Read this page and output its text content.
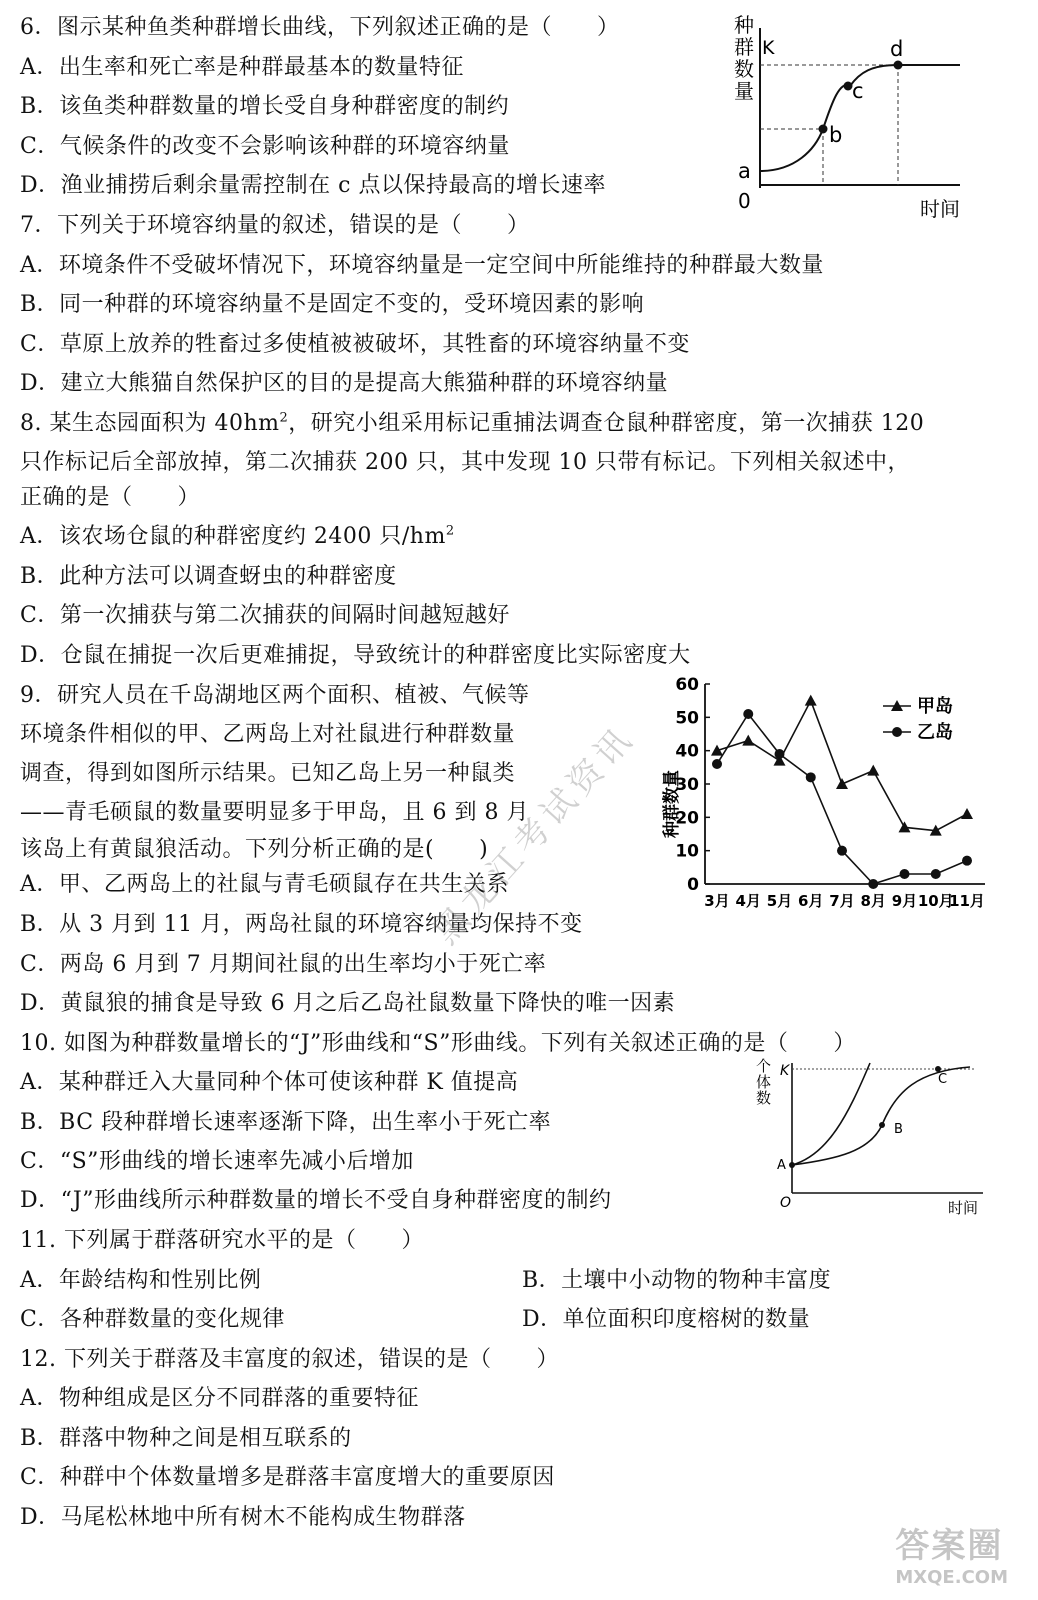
6．图示某种鱼类种群增长曲线，下列叙述正确的是（　　）
A．出生率和死亡率是种群最基本的数量特征
B．该鱼类种群数量的增长受自身种群密度的制约
C．气候条件的改变不会影响该种群的环境容纳量
D．渔业捕捞后剩余量需控制在 c 点以保持最高的增长速率
种
群
数
量
K
a
b
c
d
0	时间
7．下列关于环境容纳量的叙述，错误的是（　　）
A．环境条件不受破坏情况下，环境容纳量是一定空间中所能维持的种群最大数量
B．同一种群的环境容纳量不是固定不变的，受环境因素的影响
C．草原上放养的牲畜过多使植被被破坏，其牲畜的环境容纳量不变
D．建立大熊猫自然保护区的目的是提高大熊猫种群的环境容纳量
8. 某生态园面积为 $40hm^2$，研究小组采用标记重捕法调查仓鼠种群密度，第一次捕获 120
只作标记后全部放掉，第二次捕获 200 只，其中发现 10 只带有标记。下列相关叙述中，
正确的是（　　）
A．该农场仓鼠的种群密度约 2400 只$/hm^2$
B．此种方法可以调查蚜虫的种群密度
C．第一次捕获与第二次捕获的间隔时间越短越好
D．仓鼠在捕捉一次后更难捕捉，导致统计的种群密度比实际密度大
9．研究人员在千岛湖地区两个面积、植被、气候等
环境条件相似的甲、乙两岛上对社鼠进行种群数量
调查，得到如图所示结果。已知乙岛上另一种鼠类
——青毛硕鼠的数量要明显多于甲岛，且 6 到 8 月
该岛上有黄鼠狼活动。下列分析正确的是(　　)
A．甲、乙两岛上的社鼠与青毛硕鼠存在共生关系
B．从 3 月到 11 月，两岛社鼠的环境容纳量均保持不变
C．两岛 6 月到 7 月期间社鼠的出生率均小于死亡率
D．黄鼠狼的捕食是导致 6 月之后乙岛社鼠数量下降快的唯一因素
种群数量
0
10
20
30
40
50
60
3月 4月 5月 6月 7月 8月 9月 10月
11月
甲岛
乙岛
10. 如图为种群数量增长的“J”形曲线和“S”形曲线。下列有关叙述正确的是（　　）
A．某种群迁入大量同种个体可使该种群 K 值提高
B．BC 段种群增长速率逐渐下降，出生率小于死亡率
C．“S”形曲线的增长速率先减小后增加
D．“J”形曲线所示种群数量的增长不受自身种群密度的制约
个
体
数
K
A
B
C
O	时间
11. 下列属于群落研究水平的是（　　）
A．年龄结构和性别比例	B．土壤中小动物的物种丰富度
C．各种群数量的变化规律	D．单位面积印度榕树的数量
12. 下列关于群落及丰富度的叙述，错误的是（　　）
A．物种组成是区分不同群落的重要特征
B．群落中物种之间是相互联系的
C．种群中个体数量增多是群落丰富度增大的重要原因
D．马尾松林地中所有树木不能构成生物群落
黑龙江考试资讯
答案圈
MXQE.COM
